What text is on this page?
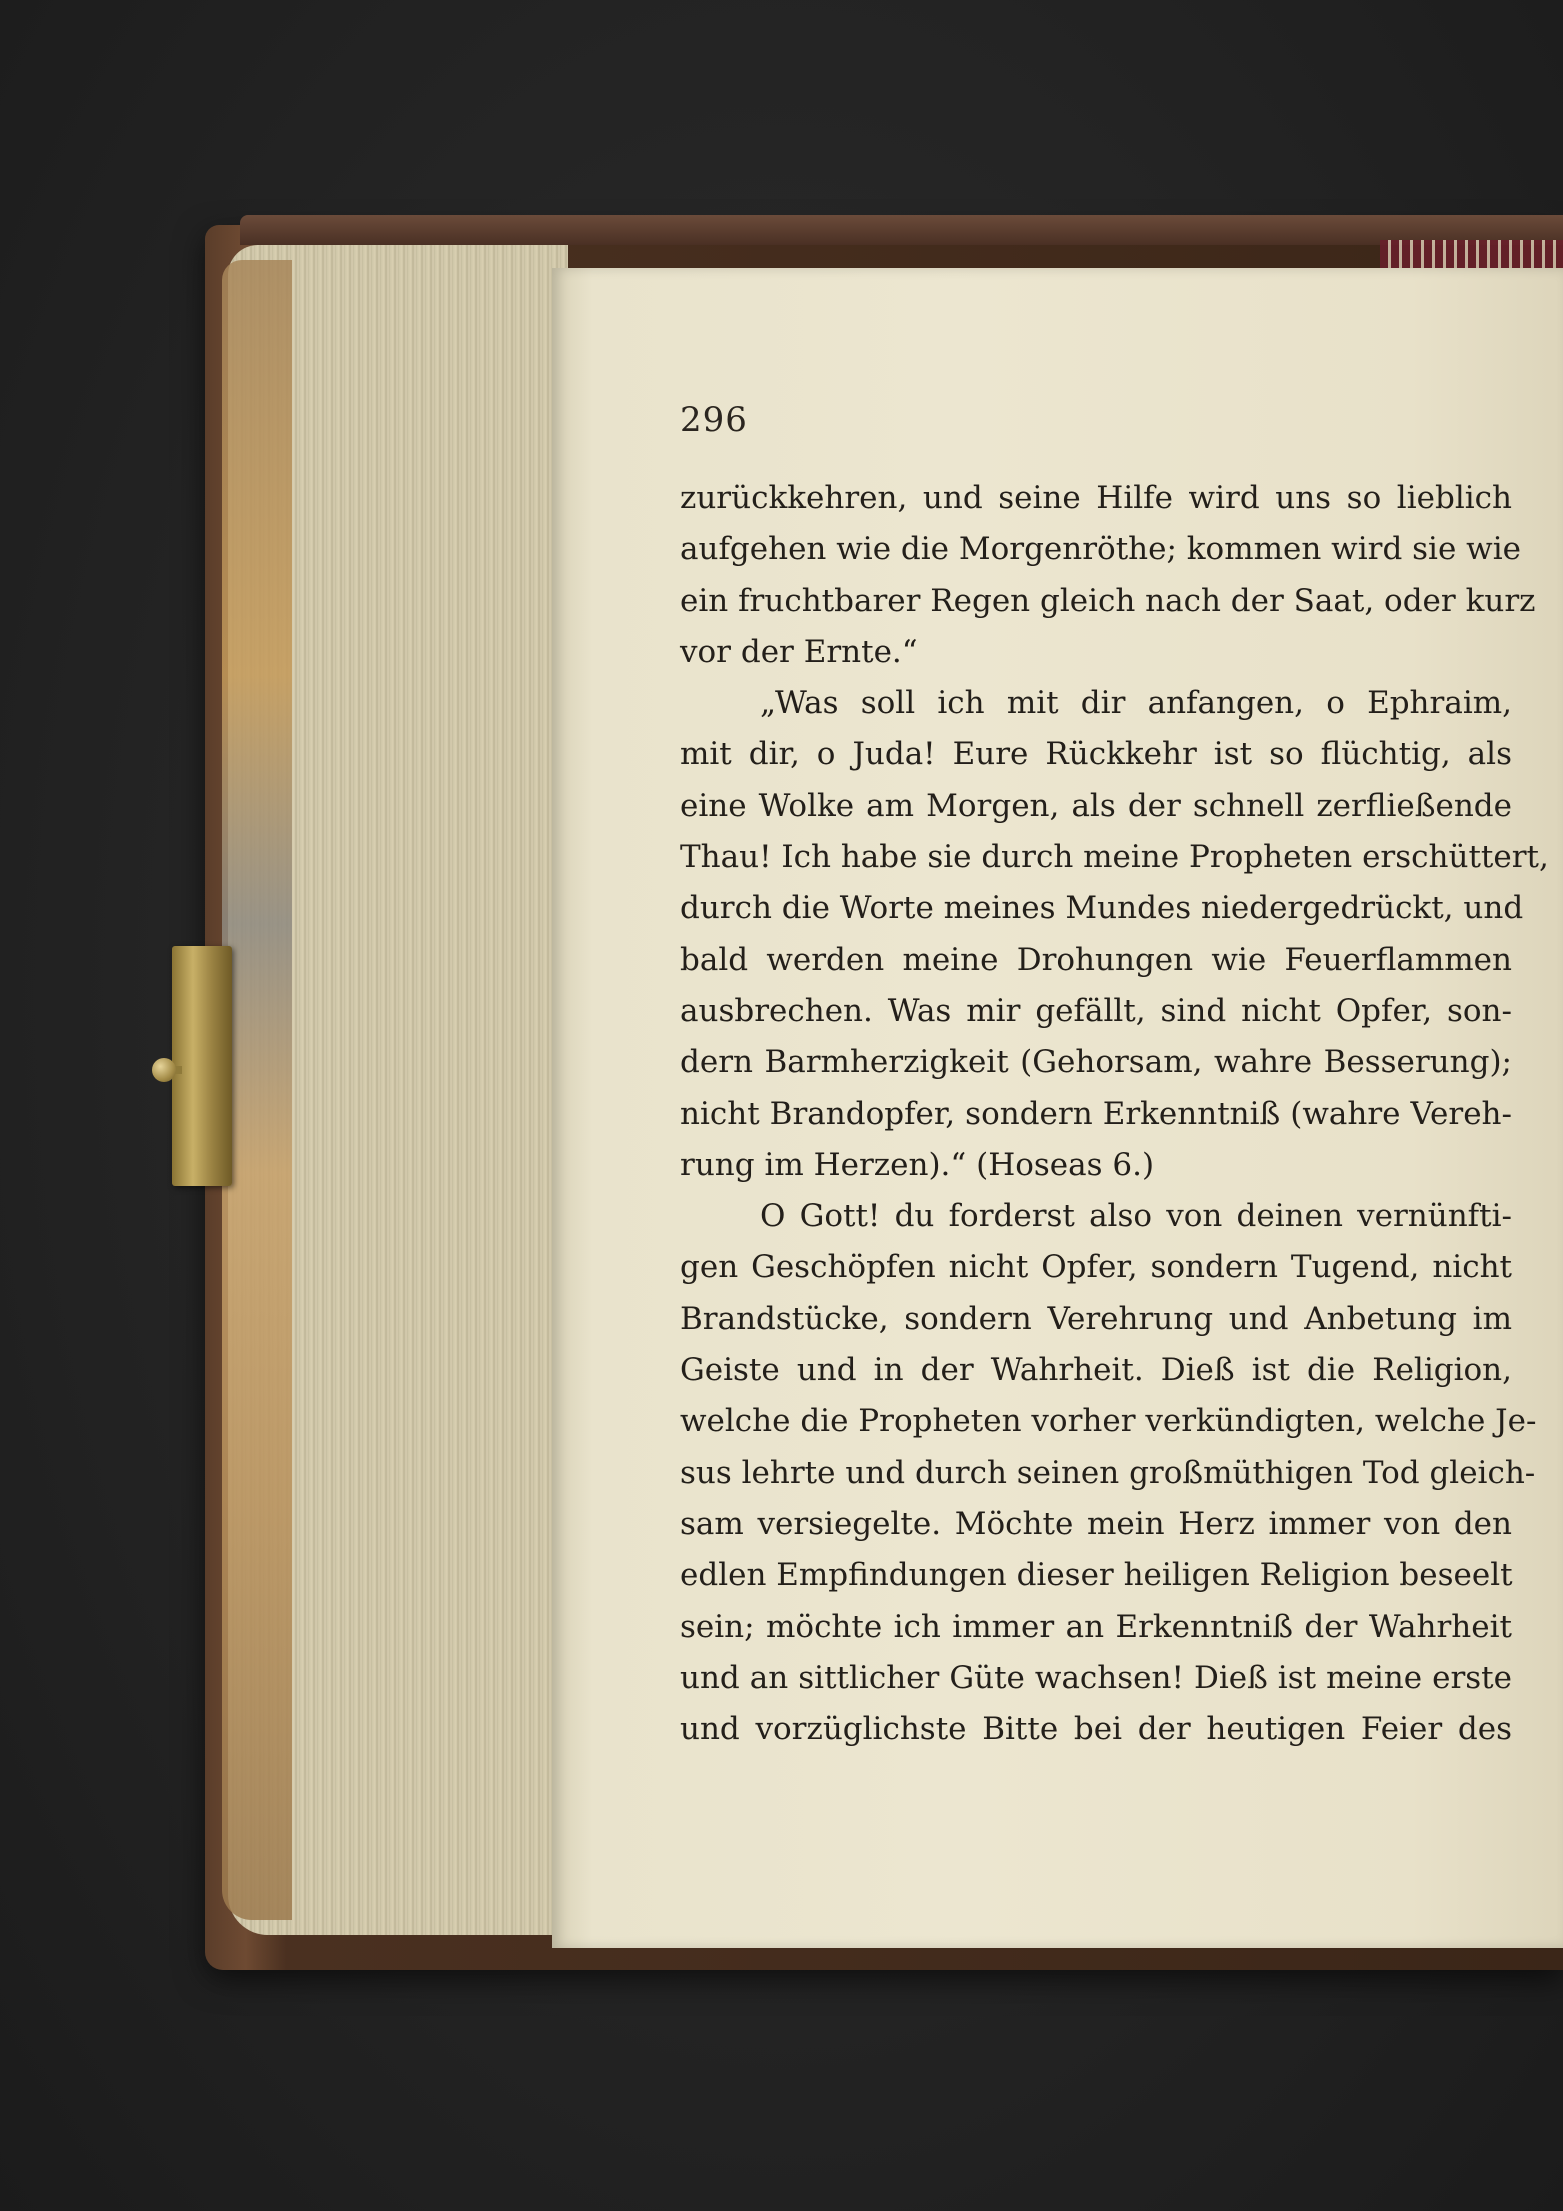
296
zurückkehren, und seine Hilfe wird uns so lieblich
aufgehen wie die Morgenröthe; kommen wird sie wie
ein fruchtbarer Regen gleich nach der Saat, oder kurz
vor der Ernte.“
„Was soll ich mit dir anfangen, o Ephraim,
mit dir, o Juda! Eure Rückkehr ist so flüchtig, als
eine Wolke am Morgen, als der schnell zerfließende
Thau! Ich habe sie durch meine Propheten erschüttert,
durch die Worte meines Mundes niedergedrückt, und
bald werden meine Drohungen wie Feuerflammen
ausbrechen. Was mir gefällt, sind nicht Opfer, son-
dern Barmherzigkeit (Gehorsam, wahre Besserung);
nicht Brandopfer, sondern Erkenntniß (wahre Vereh-
rung im Herzen).“ (Hoseas 6.)
O Gott! du forderst also von deinen vernünfti-
gen Geschöpfen nicht Opfer, sondern Tugend, nicht
Brandstücke, sondern Verehrung und Anbetung im
Geiste und in der Wahrheit. Dieß ist die Religion,
welche die Propheten vorher verkündigten, welche Je-
sus lehrte und durch seinen großmüthigen Tod gleich-
sam versiegelte. Möchte mein Herz immer von den
edlen Empfindungen dieser heiligen Religion beseelt
sein; möchte ich immer an Erkenntniß der Wahrheit
und an sittlicher Güte wachsen! Dieß ist meine erste
und vorzüglichste Bitte bei der heutigen Feier des
